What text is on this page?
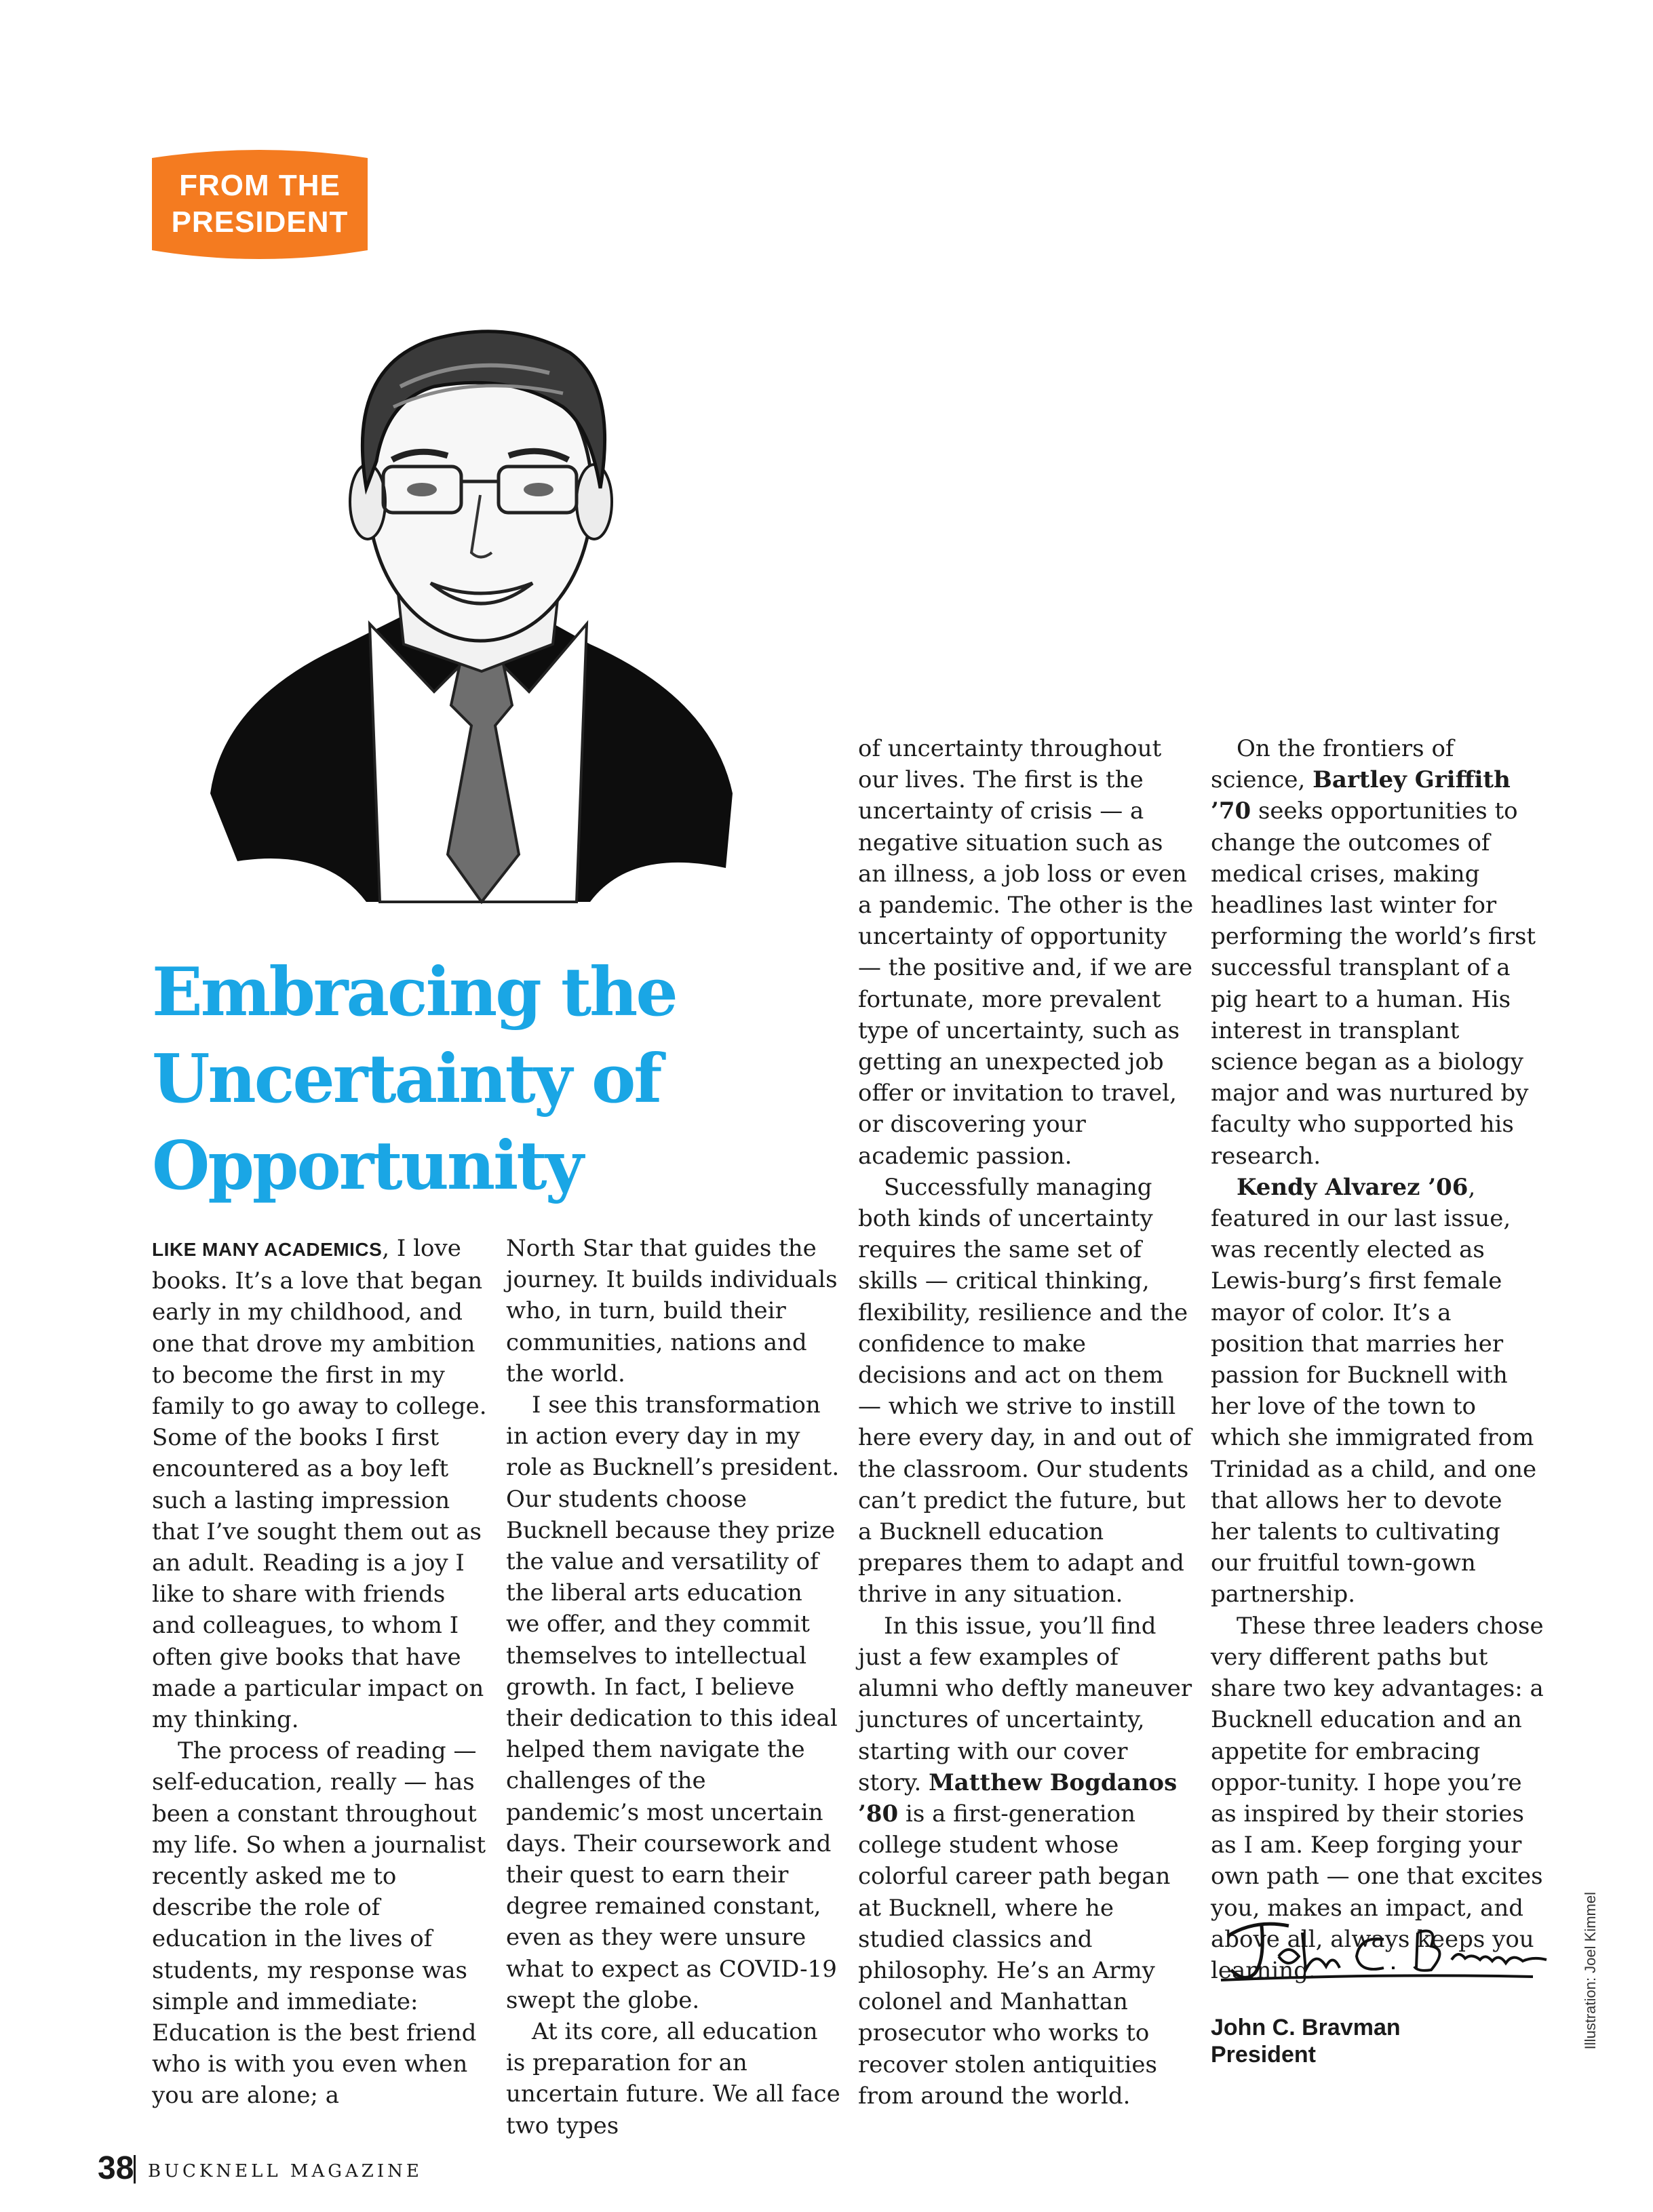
FROM THE
PRESIDENT
Embracing the
Uncertainty of
Opportunity

LIKE MANY ACADEMICS, I love books. It’s a love that began early in my childhood, and one that drove my ambition to become the first in my family to go away to college. Some of the books I first encountered as a boy left such a lasting impression that I’ve sought them out as an adult. Reading is a joy I like to share with friends and colleagues, to whom I often give books that have made a particular impact on my thinking.

The process of reading — self-education, really — has been a constant throughout my life. So when a journalist recently asked me to describe the role of education in the lives of students, my response was simple and immediate: Education is the best friend who is with you even when you are alone; a

North Star that guides the journey. It builds individuals who, in turn, build their communities, nations and the world.

I see this transformation in action every day in my role as Bucknell’s president. Our students choose Bucknell because they prize the value and versatility of the liberal arts education we offer, and they commit themselves to intellectual growth. In fact, I believe their dedication to this ideal helped them navigate the challenges of the pandemic’s most uncertain days. Their coursework and their quest to earn their degree remained constant, even as they were unsure what to expect as COVID-19 swept the globe.

At its core, all education is preparation for an uncertain future. We all face two types

of uncertainty throughout our lives. The first is the uncertainty of crisis — a negative situation such as an illness, a job loss or even a pandemic. The other is the uncertainty of opportunity — the positive and, if we are fortunate, more prevalent type of uncertainty, such as getting an unexpected job offer or invitation to travel, or discovering your academic passion.

Successfully managing both kinds of uncertainty requires the same set of skills — critical thinking, flexibility, resilience and the confidence to make decisions and act on them — which we strive to instill here every day, in and out of the classroom. Our students can’t predict the future, but a Bucknell education prepares them to adapt and thrive in any situation.

In this issue, you’ll find just a few examples of alumni who deftly maneuver junctures of uncertainty, starting with our cover story. Matthew Bogdanos ’80 is a first-generation college student whose colorful career path began at Bucknell, where he studied classics and philosophy. He’s an Army colonel and Manhattan prosecutor who works to recover stolen antiquities from around the world.

On the frontiers of science, Bartley Griffith ’70 seeks opportunities to change the outcomes of medical crises, making headlines last winter for performing the world’s first successful transplant of a pig heart to a human. His interest in transplant science began as a biology major and was nurtured by faculty who supported his research.

Kendy Alvarez ’06, featured in our last issue, was recently elected as Lewis-burg’s first female mayor of color. It’s a position that marries her passion for Bucknell with her love of the town to which she immigrated from Trinidad as a child, and one that allows her to devote her talents to cultivating our fruitful town-gown partnership.

These three leaders chose very different paths but share two key advantages: a Bucknell education and an appetite for embracing oppor-tunity. I hope you’re as inspired by their stories as I am. Keep forging your own path — one that excites you, makes an impact, and above all, always keeps you learning.

John C. Bravman
President
Illustration: Joel Kimmel
38 BUCKNELL MAGAZINE
